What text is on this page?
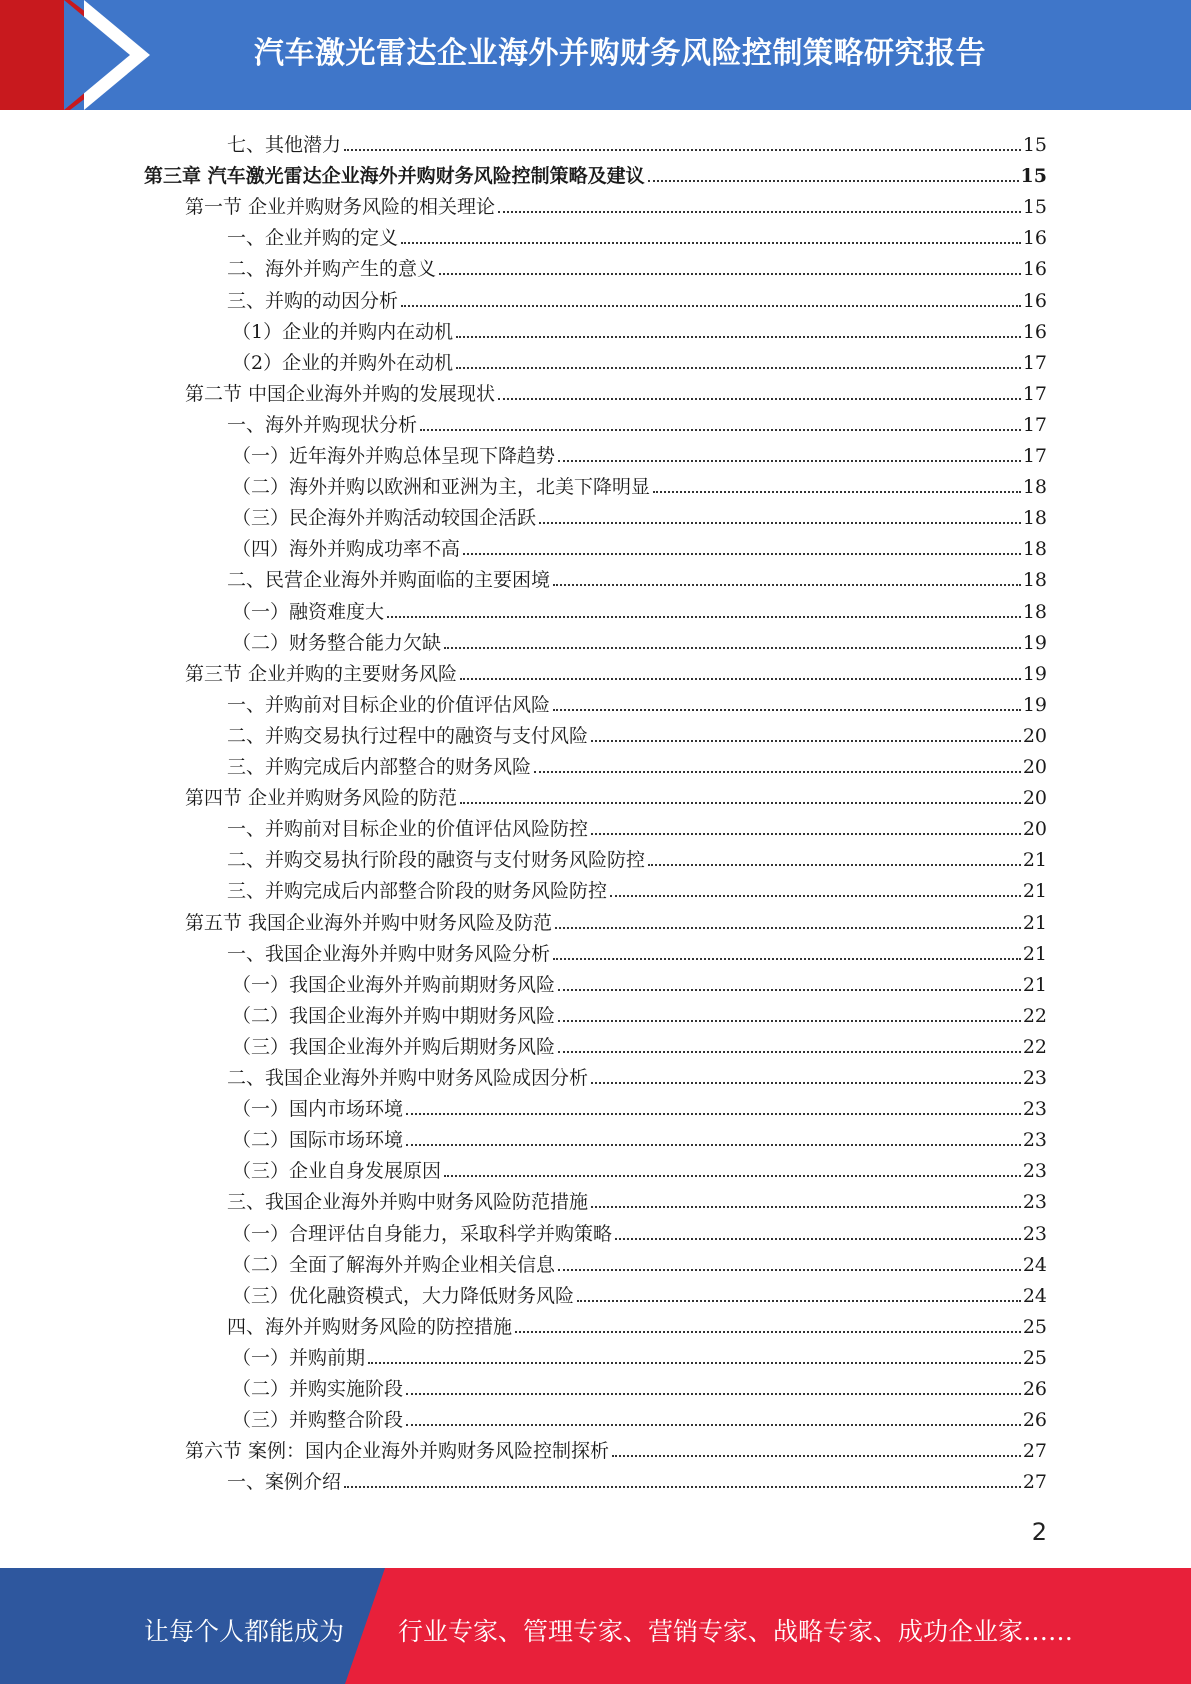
汽车激光雷达企业海外并购财务风险控制策略研究报告
七、其他潜力	15
第三章 汽车激光雷达企业海外并购财务风险控制策略及建议	15
第一节 企业并购财务风险的相关理论	15
一、企业并购的定义	16
二、海外并购产生的意义	16
三、并购的动因分析	16
（1）企业的并购内在动机	16
（2）企业的并购外在动机	17
第二节 中国企业海外并购的发展现状	17
一、海外并购现状分析	17
（一）近年海外并购总体呈现下降趋势	17
（二）海外并购以欧洲和亚洲为主，北美下降明显	18
（三）民企海外并购活动较国企活跃	18
（四）海外并购成功率不高	18
二、民营企业海外并购面临的主要困境	18
（一）融资难度大	18
（二）财务整合能力欠缺	19
第三节 企业并购的主要财务风险	19
一、并购前对目标企业的价值评估风险	19
二、并购交易执行过程中的融资与支付风险	20
三、并购完成后内部整合的财务风险	20
第四节 企业并购财务风险的防范	20
一、并购前对目标企业的价值评估风险防控	20
二、并购交易执行阶段的融资与支付财务风险防控	21
三、并购完成后内部整合阶段的财务风险防控	21
第五节 我国企业海外并购中财务风险及防范	21
一、我国企业海外并购中财务风险分析	21
（一）我国企业海外并购前期财务风险	21
（二）我国企业海外并购中期财务风险	22
（三）我国企业海外并购后期财务风险	22
二、我国企业海外并购中财务风险成因分析	23
（一）国内市场环境	23
（二）国际市场环境	23
（三）企业自身发展原因	23
三、我国企业海外并购中财务风险防范措施	23
（一）合理评估自身能力，采取科学并购策略	23
（二）全面了解海外并购企业相关信息	24
（三）优化融资模式，大力降低财务风险	24
四、海外并购财务风险的防控措施	25
（一）并购前期	25
（二）并购实施阶段	26
（三）并购整合阶段	26
第六节 案例：国内企业海外并购财务风险控制探析	27
一、案例介绍	27
2
让每个人都能成为 行业专家、管理专家、营销专家、战略专家、成功企业家……
